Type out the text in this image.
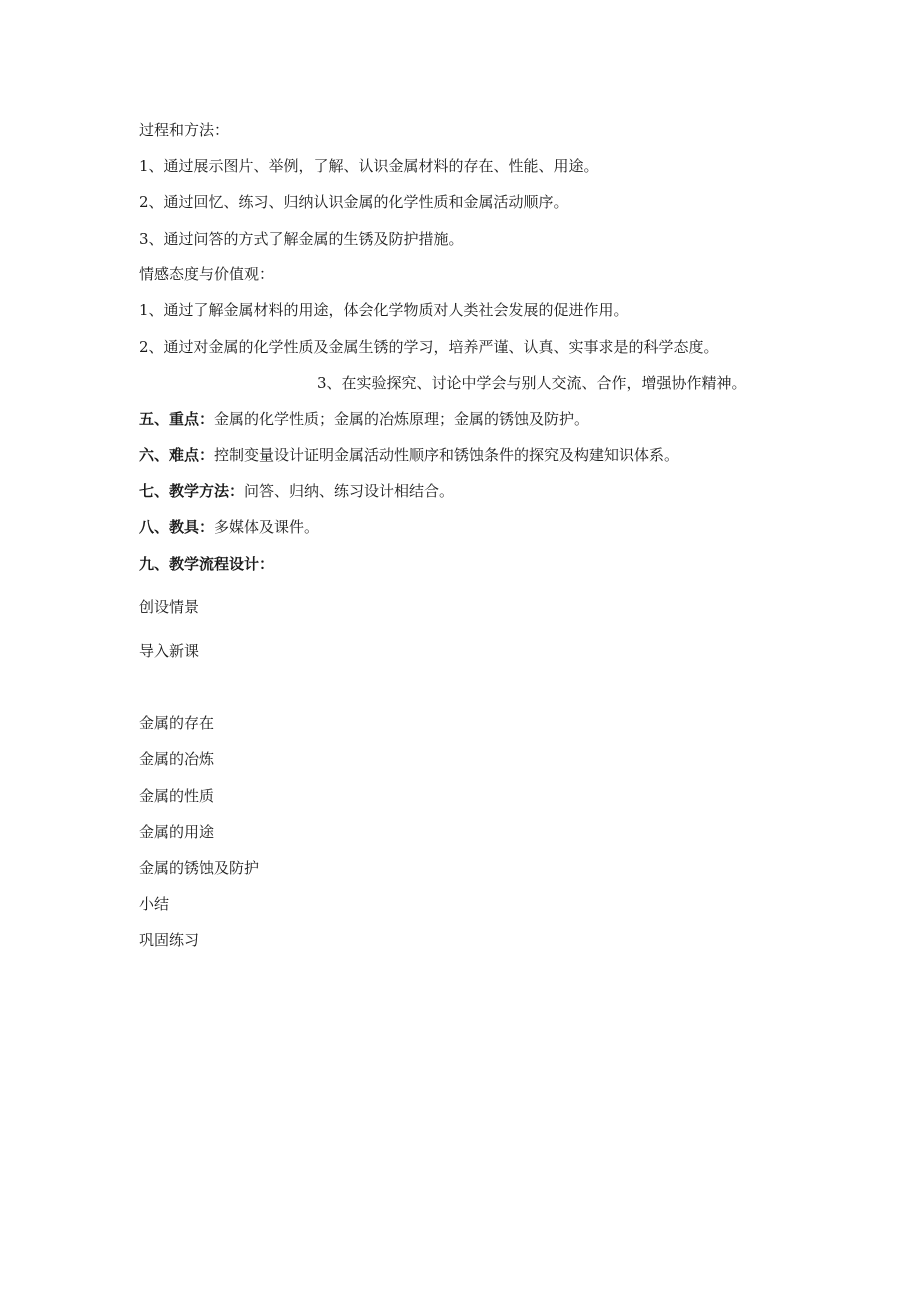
过程和方法：
1、通过展示图片、举例，了解、认识金属材料的存在、性能、用途。
2、通过回忆、练习、归纳认识金属的化学性质和金属活动顺序。
3、通过问答的方式了解金属的生锈及防护措施。
情感态度与价值观：
1、通过了解金属材料的用途，体会化学物质对人类社会发展的促进作用。
2、通过对金属的化学性质及金属生锈的学习，培养严谨、认真、实事求是的科学态度。
3、在实验探究、讨论中学会与别人交流、合作，增强协作精神。
五、重点：金属的化学性质；金属的冶炼原理；金属的锈蚀及防护。
六、难点：控制变量设计证明金属活动性顺序和锈蚀条件的探究及构建知识体系。
七、教学方法：问答、归纳、练习设计相结合。
八、教具：多媒体及课件。
九、教学流程设计：
创设情景
导入新课
金属的存在
金属的冶炼
金属的性质
金属的用途
金属的锈蚀及防护
小结
巩固练习
